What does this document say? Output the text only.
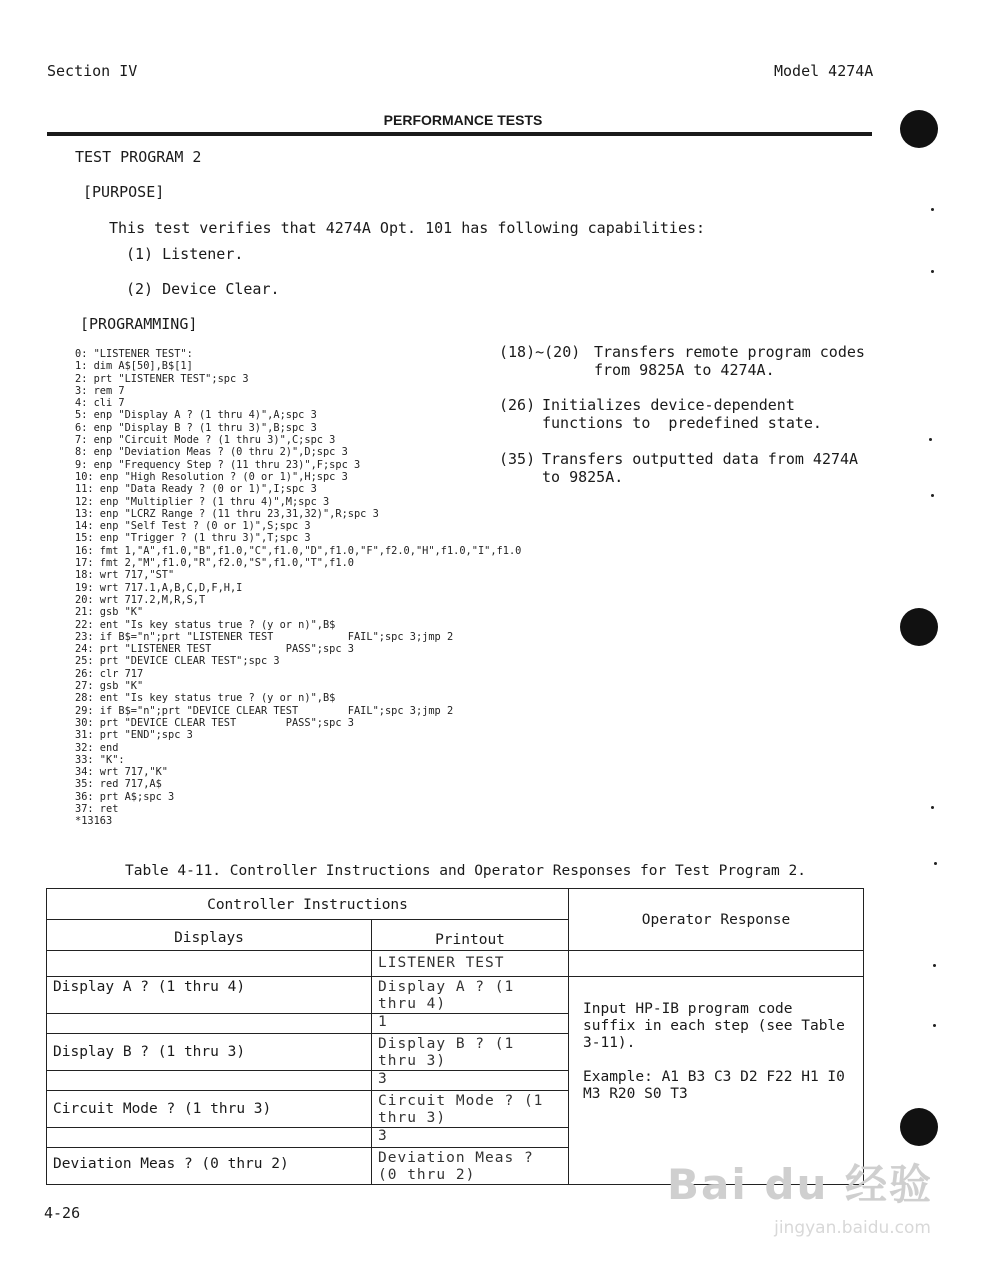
Section IV	Model 4274A
PERFORMANCE TESTS
TEST PROGRAM 2
[PURPOSE]
This test verifies that 4274A Opt. 101 has following capabilities:
(1) Listener.
(2) Device Clear.
[PROGRAMMING]
0: "LISTENER TEST":
1: dim A$[50],B$[1]
2: prt "LISTENER TEST";spc 3
3: rem 7
4: cli 7
5: enp "Display A ? (1 thru 4)",A;spc 3
6: enp "Display B ? (1 thru 3)",B;spc 3
7: enp "Circuit Mode ? (1 thru 3)",C;spc 3
8: enp "Deviation Meas ? (0 thru 2)",D;spc 3
9: enp "Frequency Step ? (11 thru 23)",F;spc 3
10: enp "High Resolution ? (0 or 1)",H;spc 3
11: enp "Data Ready ? (0 or 1)",I;spc 3
12: enp "Multiplier ? (1 thru 4)",M;spc 3
13: enp "LCRZ Range ? (11 thru 23,31,32)",R;spc 3
14: enp "Self Test ? (0 or 1)",S;spc 3
15: enp "Trigger ? (1 thru 3)",T;spc 3
16: fmt 1,"A",f1.0,"B",f1.0,"C",f1.0,"D",f1.0,"F",f2.0,"H",f1.0,"I",f1.0
17: fmt 2,"M",f1.0,"R",f2.0,"S",f1.0,"T",f1.0
18: wrt 717,"ST"
19: wrt 717.1,A,B,C,D,F,H,I
20: wrt 717.2,M,R,S,T
21: gsb "K"
22: ent "Is key status true ? (y or n)",B$
23: if B$="n";prt "LISTENER TEST            FAIL";spc 3;jmp 2
24: prt "LISTENER TEST            PASS";spc 3
25: prt "DEVICE CLEAR TEST";spc 3
26: clr 717
27: gsb "K"
28: ent "Is key status true ? (y or n)",B$
29: if B$="n";prt "DEVICE CLEAR TEST        FAIL";spc 3;jmp 2
30: prt "DEVICE CLEAR TEST        PASS";spc 3
31: prt "END";spc 3
32: end
33: "K":
34: wrt 717,"K"
35: red 717,A$
36: prt A$;spc 3
37: ret
*13163
(18)~(20) Transfers remote program codes
from 9825A to 4274A.
(26) Initializes device-dependent
functions to  predefined state.
(35) Transfers outputted data from 4274A
to 9825A.
Table 4-11. Controller Instructions and Operator Responses for Test Program 2.
Controller Instructions		Operator Response
Displays	Printout	
	LISTENER TEST	
Display A ? (1 thru 4)	Display A ? (1 thru 4)	Input HP-IB program code suffix in each step (see Table 3-11).
Example: A1 B3 C3 D2 F22 H1 I0 M3 R20 S0 T3

	1	
Display B ? (1 thru 3)	Display B ? (1 thru 3)	
	3	
Circuit Mode ? (1 thru 3)	Circuit Mode ? (1 thru 3)	
	3	
Deviation Meas ? (0 thru 2)	Deviation Meas ? (0 thru 2)		Bai du 经验
jingyan.baidu.com
4-26
